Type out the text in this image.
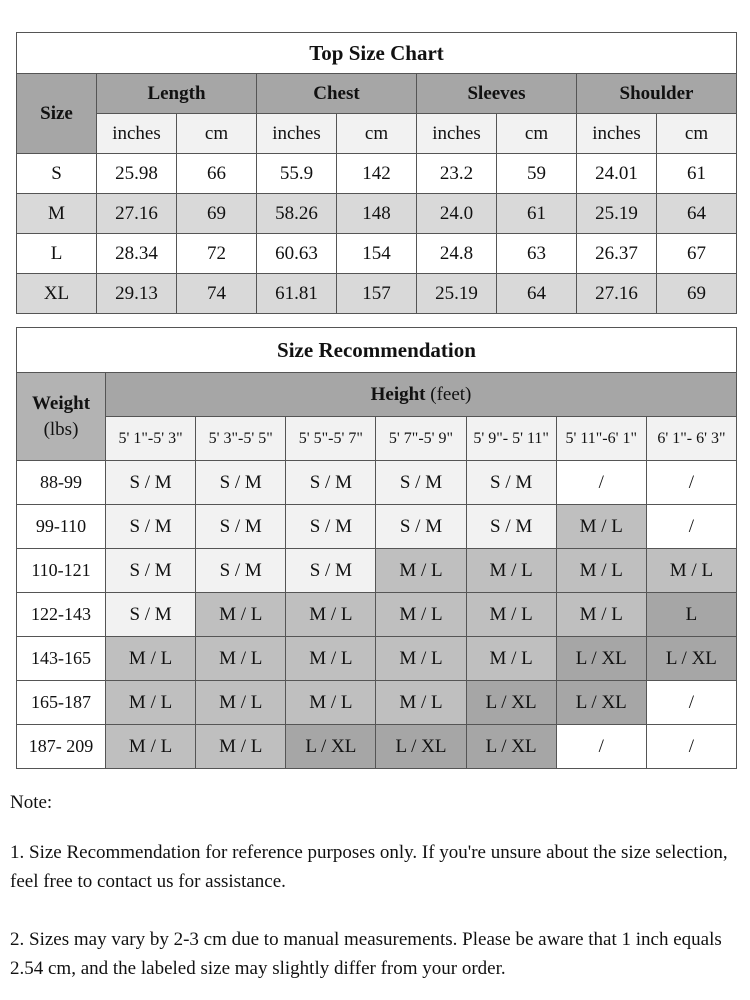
Top Size Chart								
Size	Length		Chest		Sleeves		Shoulder	
	inches	cm	inches	cm	inches	cm	inches	cm
S	25.98	66	55.9	142	23.2	59	24.01	61
M	27.16	69	58.26	148	24.0	61	25.19	64
L	28.34	72	60.63	154	24.8	63	26.37	67
XL	29.13	74	61.81	157	25.19	64	27.16	69
Size Recommendation							
Weight
(lbs)	Height (feet)						
	5' 1"-5' 3"	5' 3"-5' 5"	5' 5"-5' 7"	5' 7"-5' 9"	5' 9"- 5' 11"	5' 11"-6' 1"	6' 1"- 6' 3"
88-99	S / M	S / M	S / M	S / M	S / M	/	/
99-110	S / M	S / M	S / M	S / M	S / M	M / L	/
110-121	S / M	S / M	S / M	M / L	M / L	M / L	M / L
122-143	S / M	M / L	M / L	M / L	M / L	M / L	L
143-165	M / L	M / L	M / L	M / L	M / L	L / XL	L / XL
165-187	M / L	M / L	M / L	M / L	L / XL	L / XL	/
187- 209	M / L	M / L	L / XL	L / XL	L / XL	/	/

Note:

1. Size Recommendation for reference purposes only. If you're unsure about the size selection, feel free to contact us for assistance.

2. Sizes may vary by 2-3 cm due to manual measurements. Please be aware that 1 inch equals 2.54 cm, and the labeled size may slightly differ from your order.
